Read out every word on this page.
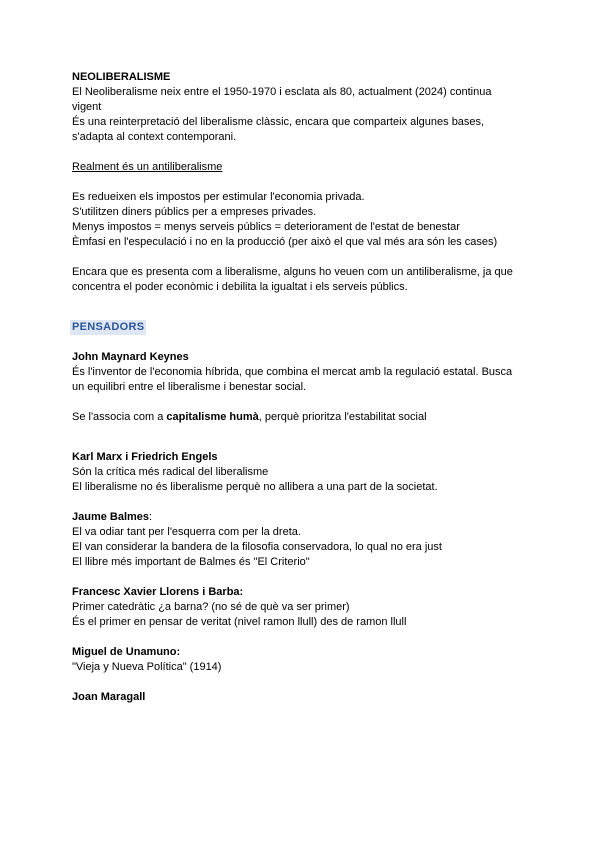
NEOLIBERALISME
El Neoliberalisme neix entre el 1950-1970 i esclata als 80, actualment (2024) continua
vigent
És una reinterpretació del liberalisme clàssic, encara que comparteix algunes bases,
s'adapta al context contemporani.
Realment és un antiliberalisme
Es redueixen els impostos per estimular l'economia privada.
S'utilitzen diners públics per a empreses privades.
Menys impostos = menys serveis públics = deteriorament de l'estat de benestar
Èmfasi en l'especulació i no en la producció (per això el que val més ara són les cases)
Encara que es presenta com a liberalisme, alguns ho veuen com un antiliberalisme, ja que
concentra el poder econòmic i debilita la igualtat i els serveis públics.
PENSADORS
John Maynard Keynes
És l'inventor de l'economia híbrida, que combina el mercat amb la regulació estatal. Busca
un equilibri entre el liberalisme i benestar social.
Se l'associa com a capitalisme humà, perquè prioritza l'estabilitat social
Karl Marx i Friedrich Engels
Són la crítica més radical del liberalisme
El liberalisme no és liberalisme perquè no allibera a una part de la societat.
Jaume Balmes:
El va odiar tant per l'esquerra com per la dreta.
El van considerar la bandera de la filosofia conservadora, lo qual no era just
El llibre més important de Balmes és "El Criterio"
Francesc Xavier Llorens i Barba:
Primer catedràtic ¿a barna? (no sé de què va ser primer)
És el primer en pensar de veritat (nivel ramon llull) des de ramon llull
Miguel de Unamuno:
"Vieja y Nueva Política" (1914)
Joan Maragall
